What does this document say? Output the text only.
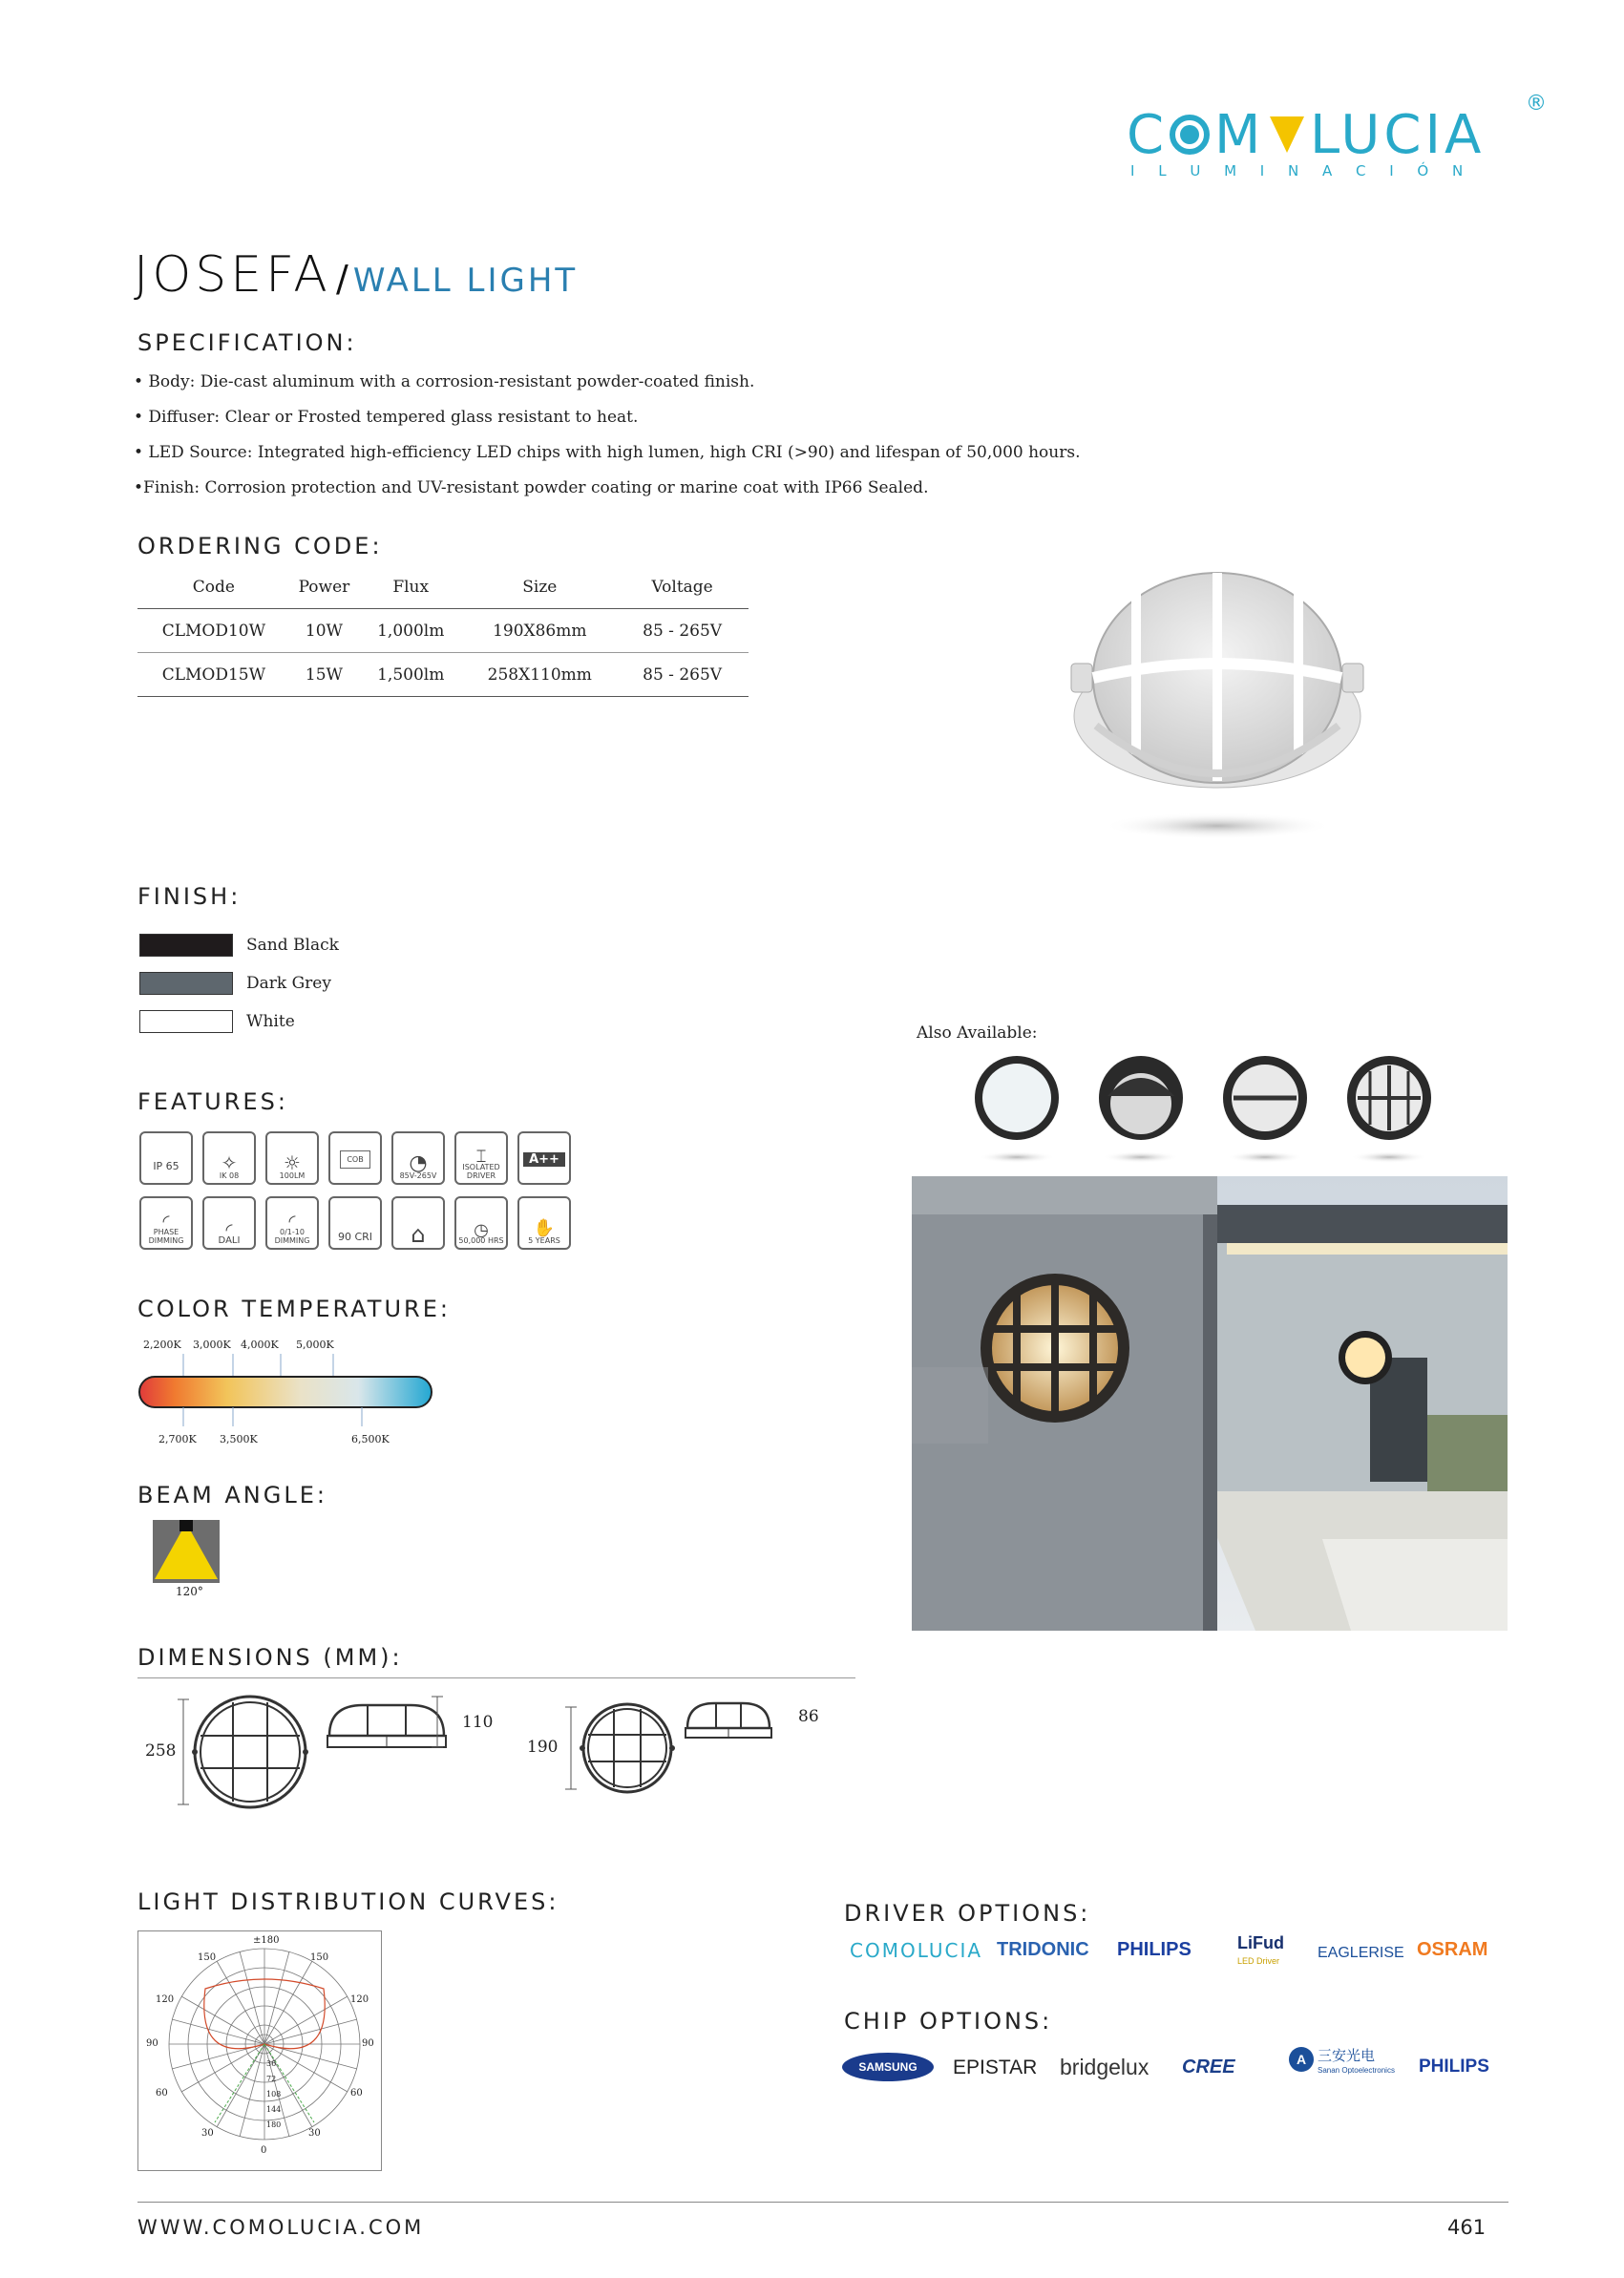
C M LUCIA
®
I L U M I N A C I Ó N
JOSEFA / WALL LIGHT
SPECIFICATION:
• Body: Die-cast aluminum with a corrosion-resistant powder-coated finish.
• Diffuser: Clear or Frosted tempered glass resistant to heat.
• LED Source: Integrated high-efficiency LED chips with high lumen, high CRI (>90) and lifespan of 50,000 hours.
•Finish: Corrosion protection and UV-resistant powder coating or marine coat with IP66 Sealed.
ORDERING CODE:
Code	Power	Flux	Size	Voltage
CLMOD10W	10W	1,000lm	190X86mm	85 - 265V
CLMOD15W	15W	1,500lm	258X110mm	85 - 265V
FINISH:
Sand Black
Dark Grey
White
Also Available:
FEATURES:
IP 65 ✧
IK 08
☼
100LM
COB	◔
85V-265V
⌶
ISOLATED DRIVER
A++
◜
PHASE DIMMING
◜
DALI
◜
0/1-10 DIMMING	90 CRI ⌂	◷
50,000 HRS
✋
5 YEARS
COLOR TEMPERATURE:
2,200K 3,000K 4,000K 5,000K
2,700K 3,500K	6,500K
BEAM ANGLE:
120°
DIMENSIONS (MM):
258
110
190
86
LIGHT DISTRIBUTION CURVES:
±180
150	150
120	120
90	90
60	60
30	30
0
36
72
108
144
180
DRIVER OPTIONS:
COMOLUCIA TRIDONIC PHILIPS	LiFud
LED Driver EAGLERISE OSRAM
CHIP OPTIONS:
SAMSUNG	EPISTAR bridgelux CREE	A 三安光电
Sanan Optoelectronics PHILIPS
WWW.COMOLUCIA.COM	461
